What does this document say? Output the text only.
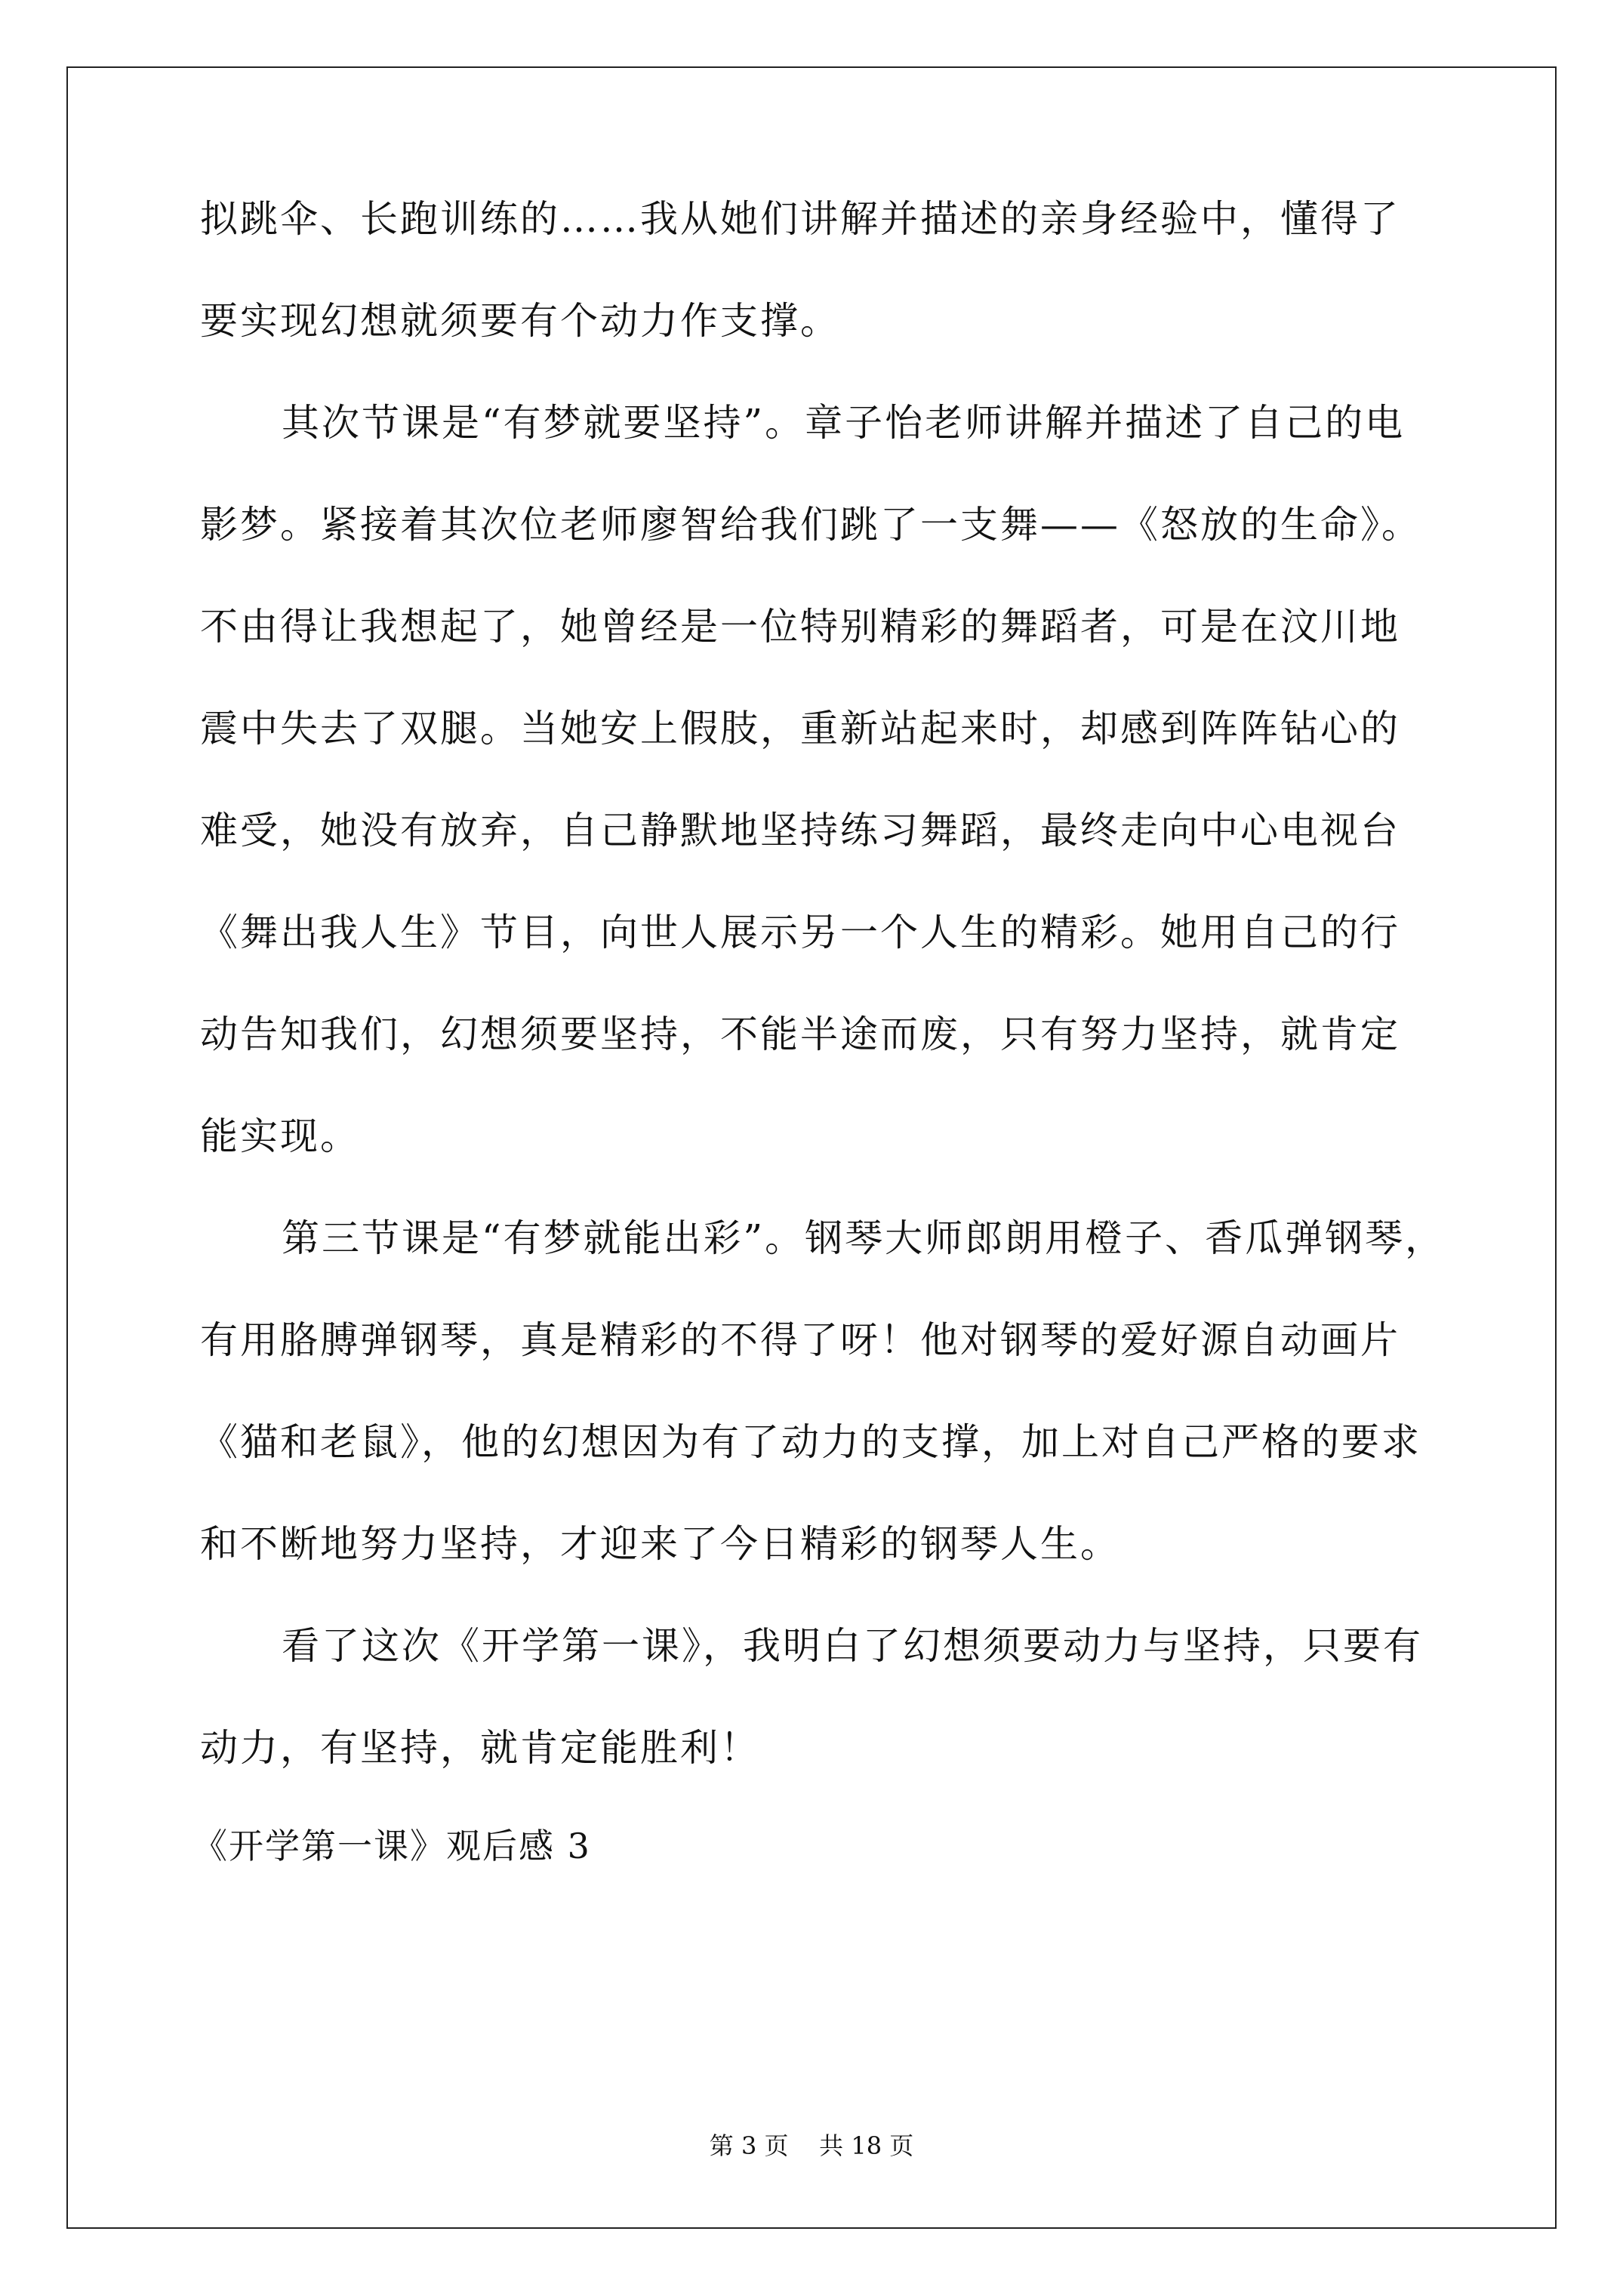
拟跳伞、长跑训练的……我从她们讲解并描述的亲身经验中，懂得了
要实现幻想就须要有个动力作支撑。
其次节课是“有梦就要坚持”。章子怡老师讲解并描述了自己的电
影梦。紧接着其次位老师廖智给我们跳了一支舞——《怒放的生命》。
不由得让我想起了，她曾经是一位特别精彩的舞蹈者，可是在汶川地
震中失去了双腿。当她安上假肢，重新站起来时，却感到阵阵钻心的
难受，她没有放弃，自己静默地坚持练习舞蹈，最终走向中心电视台
《舞出我人生》节目，向世人展示另一个人生的精彩。她用自己的行
动告知我们，幻想须要坚持，不能半途而废，只有努力坚持，就肯定
能实现。
第三节课是“有梦就能出彩”。钢琴大师郎朗用橙子、香瓜弹钢琴，
有用胳膊弹钢琴，真是精彩的不得了呀！他对钢琴的爱好源自动画片
《猫和老鼠》，他的幻想因为有了动力的支撑，加上对自己严格的要求
和不断地努力坚持，才迎来了今日精彩的钢琴人生。
看了这次《开学第一课》，我明白了幻想须要动力与坚持，只要有
动力，有坚持，就肯定能胜利！
《开学第一课》观后感 3
第 3 页    共 18 页
